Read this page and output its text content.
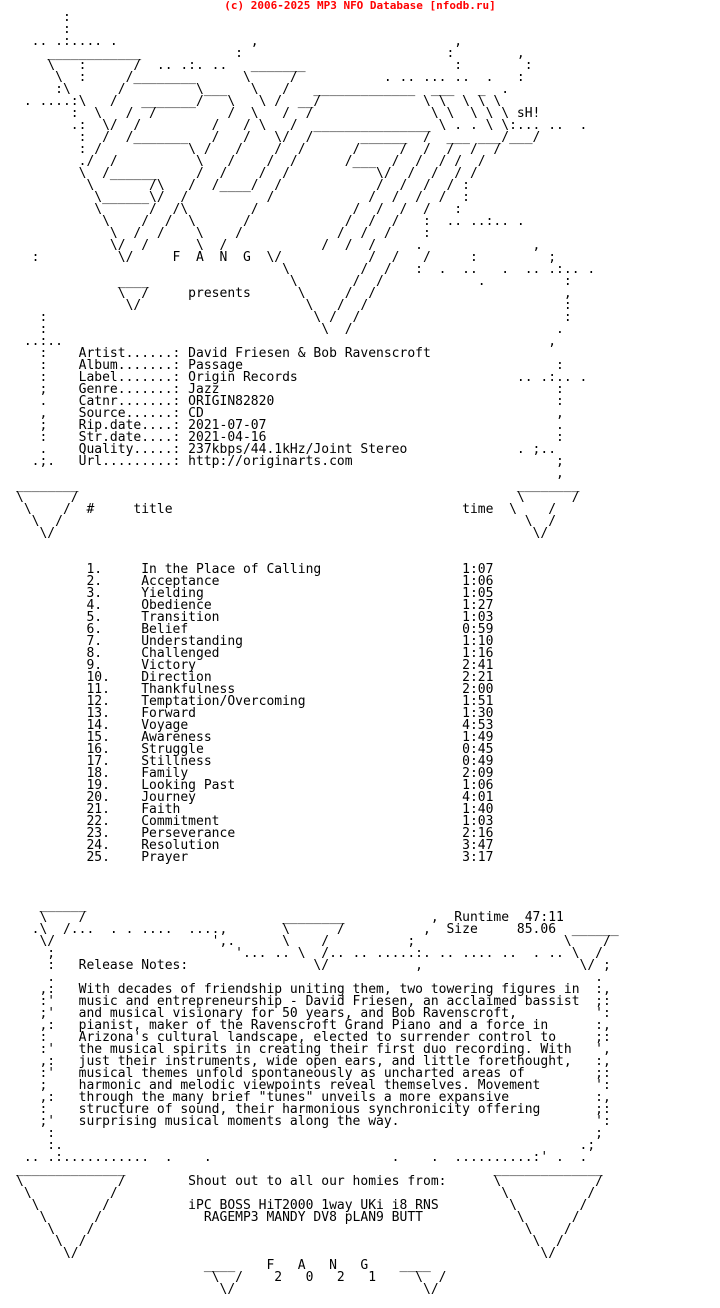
(c) 2006-2025 MP3 NFO Database [nfodb.ru]
:
:
.. .:.... .                 ,                         ,
____________            :                          :        ,
\   :      /  .. .:. ..   _______                   :        :
\  :     /________      \     /           . .. ... ..  .   :
:\      /         \___   \   /   _____________  ___   _  .
. ....:\   /   _______/   \   \ /  __/             \ \  \ \ \
:  \   /  /         /  \   /  /               \ \  \ \ \ sH!
.:  \/  /         /   / \   /  _______________ \ . . \ \:... ..  .
:  /  /_______   /   /   \/  /      ______  /  ___ ___/___/
: /           \ /   /    /  /      /     /  /  /  /  /
./  /          \   /    /  /      /___  /  /  / /  /
\  /______     /  /    /  /           \/  /  /  / /
\       /\   /  /____/  /            /  /  /  / :
\______\/  /          /            /  /  /  /  :
\      /  /\        /            /  /  /  /   :
\    /  /  \      /            /  /  /   :  .. ..:.. .
\  /  /    \    /            /  /  /    :
\/  /      \  /            /  /  /     .              ,
:          \/     F  A  N  G  \/           /  /   /     :         ;
\         /  /   :  .  ..   .  .. .:.. .
____                  \       /  /            .          :
\  /     presents      \     /  /                        ,
\/                     \   /  /                         :
:                                  \ /  /                          :
:                                   \  /                          .
..:..                                                              ,
:    Artist......: David Friesen & Bob Ravenscroft
:    Album.......: Passage                                        :
:    Label.......: Origin Records                            .. .:.. .
;    Genre.......: Jazz                                           :
.    Catnr.......: ORIGIN82820                                    :
,    Source......: CD                                             ,
;    Rip.date....: 2021-07-07                                     .
:    Str.date....: 2021-04-16                                     :
.    Quality.....: 237kbps/44.1kHz/Joint Stereo              . ;..
.;.   Url.........: http://originarts.com                          ;
,
________                                                        ________
\      /                                                        \      /
\    /  #     title                                     time  \    /
\  /                                                           \  /
\/                                                             \/

1.     In the Place of Calling                  1:07
2.     Acceptance                               1:06
3.     Yielding                                 1:05
4.     Obedience                                1:27
5.     Transition                               1:03
6.     Belief                                   0:59
7.     Understanding                            1:10
8.     Challenged                               1:16
9.     Victory                                  2:41
10.    Direction                                2:21
11.    Thankfulness                             2:00
12.    Temptation/Overcoming                    1:51
13.    Forward                                  1:30
14.    Voyage                                   4:53
15.    Awareness                                1:49
16.    Struggle                                 0:45
17.    Stillness                                0:49
18.    Family                                   2:09
19.    Looking Past                             1:06
20.    Journey                                  4:01
21.    Faith                                    1:40
22.    Commitment                               1:03
23.    Perseverance                             2:16
24.    Resolution                               3:47
25.    Prayer                                   3:17

______
\    /                         ________           ,  Runtime  47:11
.\  /...  . . ....  ....,       \      /          ,  Size     85.06  ______
\/                    ',.      \    /          ;                   \    /
;                       '... .. \  /.. .. .....:. .. .... ..  . .. \  /
:   Release Notes:                \/           ,                    \/ ;
.                                                                     .
,:   With decades of friendship uniting them, two towering figures in  :,
:'   music and entrepreneurship - David Friesen, an acclaimed bassist  ;:
;'   and musical visionary for 50 years, and Bob Ravenscroft,          ':
,:   pianist, maker of the Ravenscroft Grand Piano and a force in      :,
:    Arizona's cultural landscape, elected to surrender control to     ;:
:'   the musical spirits in creating their first duo recording. With   ',
,:   just their instruments, wide open ears, and little forethought,   :,
:'   musical themes unfold spontaneously as uncharted areas of         ;:
;    harmonic and melodic viewpoints reveal themselves. Movement       ':
,:   through the many brief "tunes" unveils a more expansive           :,
:    structure of sound, their harmonious synchronicity offering       ;:
;'   surprising musical moments along the way.                         ':
:                                                                     ;
:.                                                                  .;
.. .:...........  .    .                       .    .  ..........:' .  .
______________                                               ______________
\            /        Shout out to all our homies from:      \            /
\          /                                                 \          /
\        /          iPC BOSS HiT2000 1way UKi i8 RNS         \        /
\      /             RAGEMP3 MANDY DV8 pLAN9 BUTT            \      /
\    /                                                       \    /
\  /                                                         \  /
\/                                                           \/
____    F   A   N   G    ____
\  /    2   0   2   1     \  /
\/                        \/
